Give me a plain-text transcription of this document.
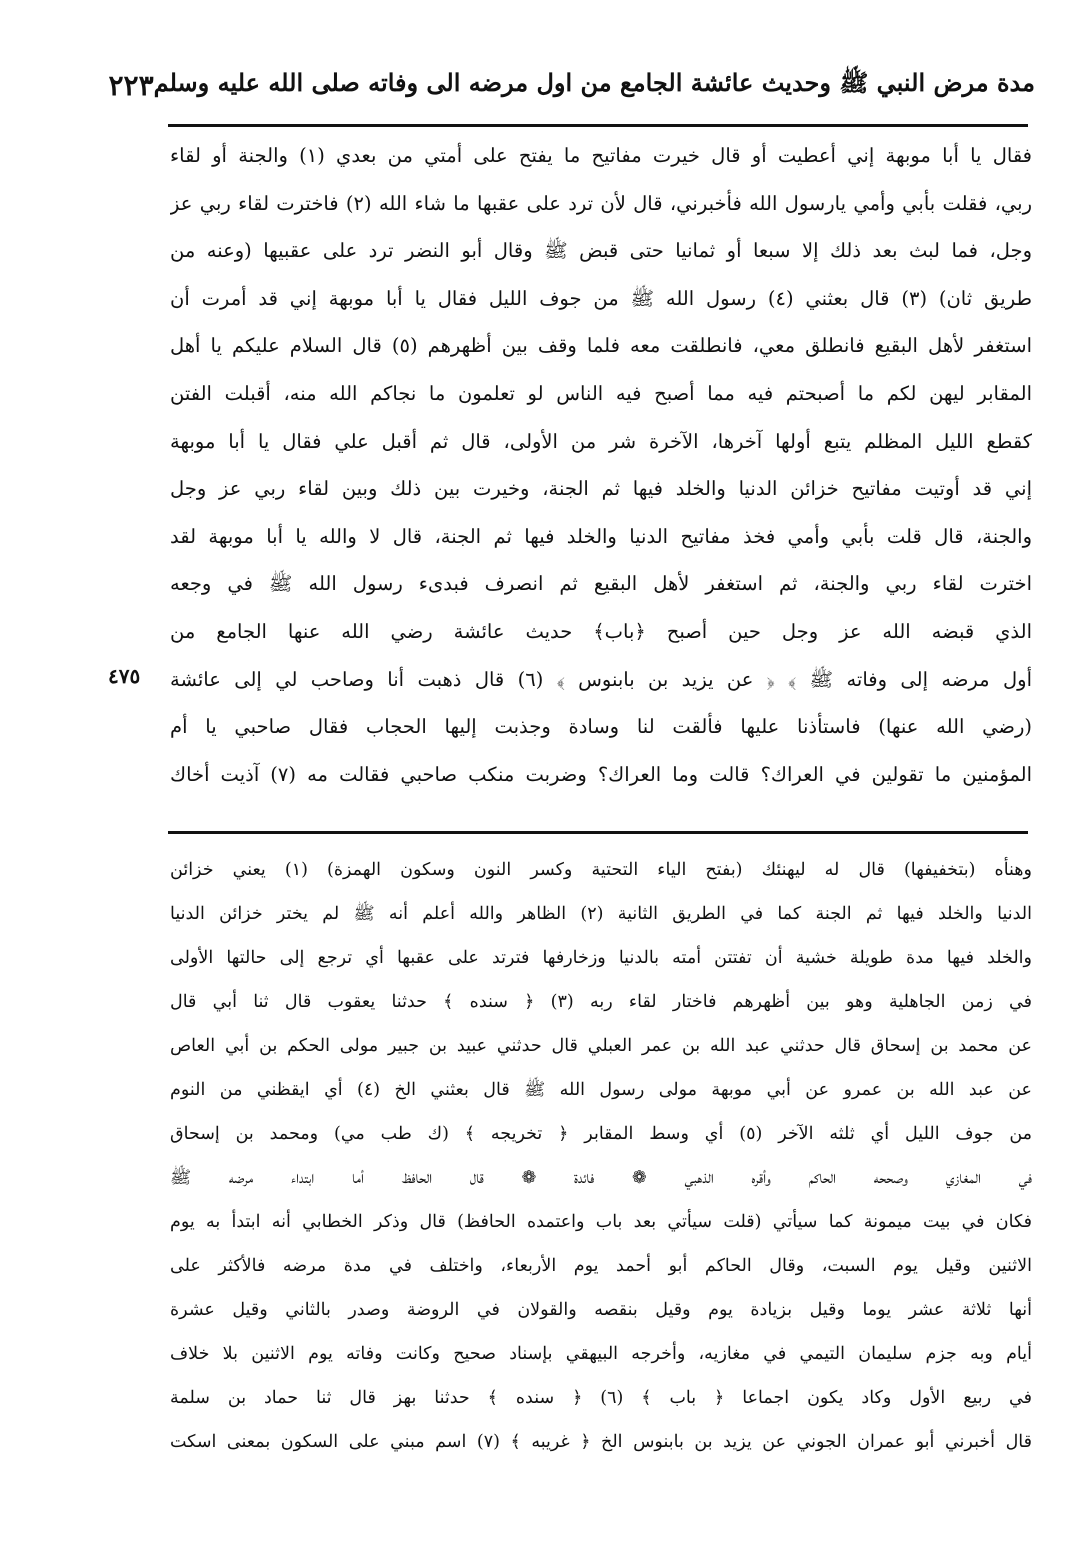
مدة مرض النبي ﷺ وحديث عائشة الجامع من اول مرضه الى وفاته صلى الله عليه وسلم
٢٢٣
فقال يا أبا موبهة إني أعطيت أو قال خيرت مفاتيح ما يفتح على أمتي من بعدي (١) والجنة أو لقاء
ربي، فقلت بأبي وأمي يارسول الله فأخبرني، قال لأن ترد على عقبها ما شاء الله (٢) فاخترت لقاء ربي عز
وجل، فما لبث بعد ذلك إلا سبعا أو ثمانيا حتى قبض ﷺ وقال أبو النضر ترد على عقبيها (وعنه من
طريق ثان) (٣) قال بعثني (٤) رسول الله ﷺ من جوف الليل فقال يا أبا موبهة إني قد أمرت أن
استغفر لأهل البقيع فانطلق معي، فانطلقت معه فلما وقف بين أظهرهم (٥) قال السلام عليكم يا أهل
المقابر ليهن لكم ما أصبحتم فيه مما أصبح فيه الناس لو تعلمون ما نجاكم الله منه، أقبلت الفتن
كقطع الليل المظلم يتبع أولها آخرها، الآخرة شر من الأولى، قال ثم أقبل علي فقال يا أبا موبهة
إني قد أوتيت مفاتيح خزائن الدنيا والخلد فيها ثم الجنة، وخيرت بين ذلك وبين لقاء ربي عز وجل
والجنة، قال قلت بأبي وأمي فخذ مفاتيح الدنيا والخلد فيها ثم الجنة، قال لا والله يا أبا موبهة لقد
اخترت لقاء ربي والجنة، ثم استغفر لأهل البقيع ثم انصرف فبدىء رسول الله ﷺ في وجعه
الذي قبضه الله عز وجل حين أصبح ﴿باب﴾ حديث عائشة رضي الله عنها الجامع من
أول مرضه إلى وفاته ﷺ ﴾ ﴿ عن يزيد بن بابنوس ﴾ (٦) قال ذهبت أنا وصاحب لي إلى عائشة
(رضي الله عنها) فاستأذنا عليها فألقت لنا وسادة وجذبت إليها الحجاب فقال صاحبي يا أم
المؤمنين ما تقولين في العراك؟ قالت وما العراك؟ وضربت منكب صاحبي فقالت مه (٧) آذيت أخاك
٤٧٥
وهنأه (بتخفيفها) قال له ليهنئك (بفتح الياء التحتية وكسر النون وسكون الهمزة) (١) يعني خزائن
الدنيا والخلد فيها ثم الجنة كما في الطريق الثانية (٢) الظاهر والله أعلم أنه ﷺ لم يختر خزائن الدنيا
والخلد فيها مدة طويلة خشية أن تفتتن أمته بالدنيا وزخارفها فترتد على عقبها أي ترجع إلى حالتها الأولى
في زمن الجاهلية وهو بين أظهرهم فاختار لقاء ربه (٣) ﴿ سنده ﴾ حدثنا يعقوب قال ثنا أبي قال
عن محمد بن إسحاق قال حدثني عبد الله بن عمر العبلي قال حدثني عبيد بن جبير مولى الحكم بن أبي العاص
عن عبد الله بن عمرو عن أبي موبهة مولى رسول الله ﷺ قال بعثني الخ (٤) أي ايقظني من النوم
من جوف الليل أي ثلثه الآخر (٥) أي وسط المقابر ﴿ تخريجه ﴾ (ك طب مي) ومحمد بن إسحاق
في المغازي وصححه الحاكم وأقره الذهبي ❁ فائدة ❁ قال الحافظ أما ابتداء مرضه ﷺ
فكان في بيت ميمونة كما سيأتي (قلت سيأتي بعد باب واعتمده الحافظ) قال وذكر الخطابي أنه ابتدأ به يوم
الاثنين وقيل يوم السبت، وقال الحاكم أبو أحمد يوم الأربعاء، واختلف في مدة مرضه فالأكثر على
أنها ثلاثة عشر يوما وقيل بزيادة يوم وقيل بنقصه والقولان في الروضة وصدر بالثاني وقيل عشرة
أيام وبه جزم سليمان التيمي في مغازيه، وأخرجه البيهقي بإسناد صحيح وكانت وفاته يوم الاثنين بلا خلاف
في ربيع الأول وكاد يكون اجماعا ﴿ باب ﴾ (٦) ﴿ سنده ﴾ حدثنا بهز قال ثنا حماد بن سلمة
قال أخبرني أبو عمران الجوني عن يزيد بن بابنوس الخ ﴿ غريبه ﴾ (٧) اسم مبني على السكون بمعنى اسكت
